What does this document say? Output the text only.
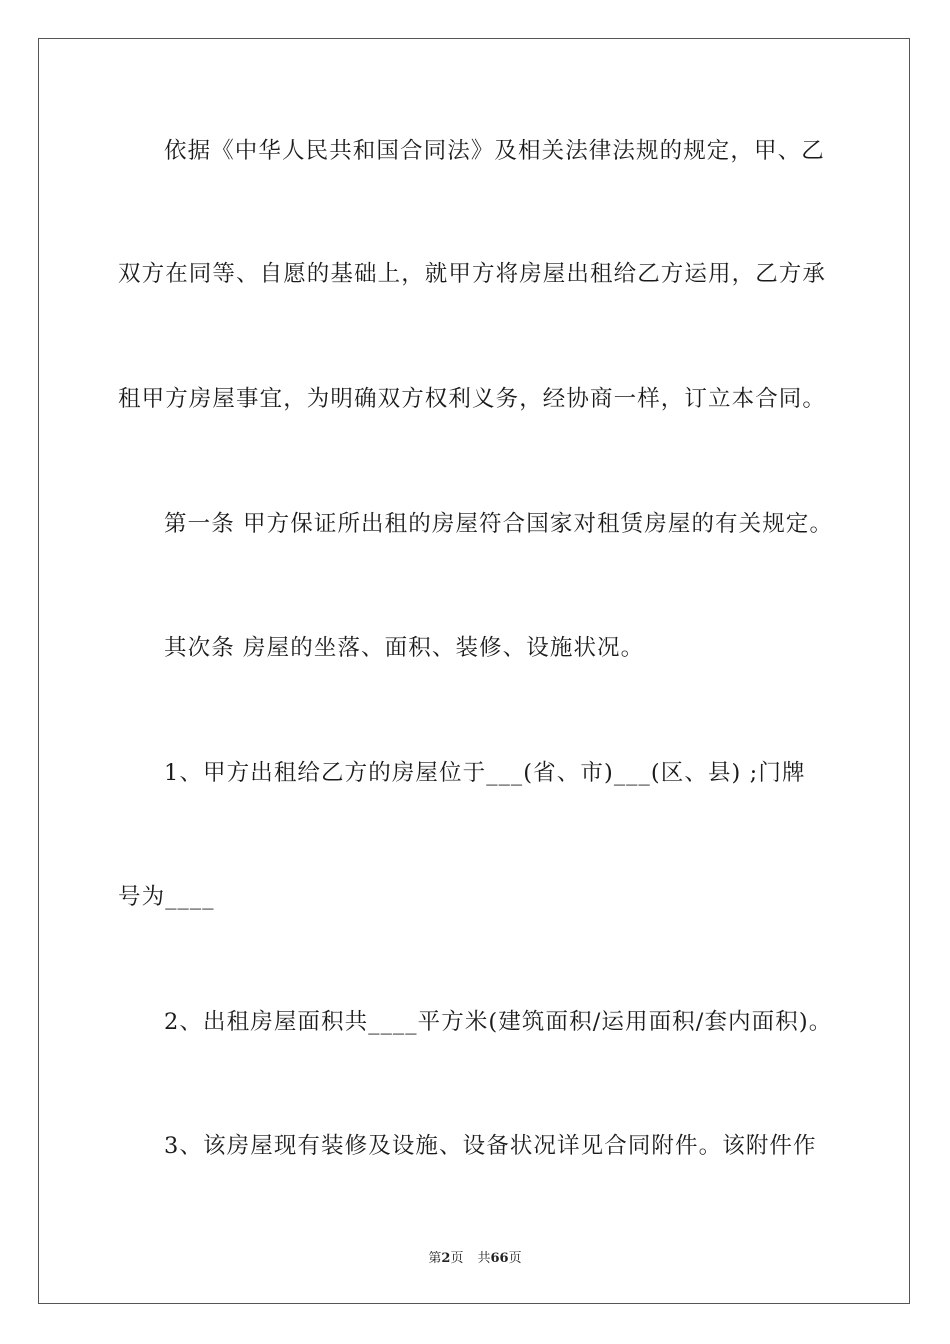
依据《中华人民共和国合同法》及相关法律法规的规定，甲、乙
双方在同等、自愿的基础上，就甲方将房屋出租给乙方运用，乙方承
租甲方房屋事宜，为明确双方权利义务，经协商一样，订立本合同。
第一条 甲方保证所出租的房屋符合国家对租赁房屋的有关规定。
其次条 房屋的坐落、面积、装修、设施状况。
1、甲方出租给乙方的房屋位于___(省、市)___(区、县) ;门牌
号为____
2、出租房屋面积共____平方米(建筑面积/运用面积/套内面积)。
3、该房屋现有装修及设施、设备状况详见合同附件。该附件作
第2页 共66页
